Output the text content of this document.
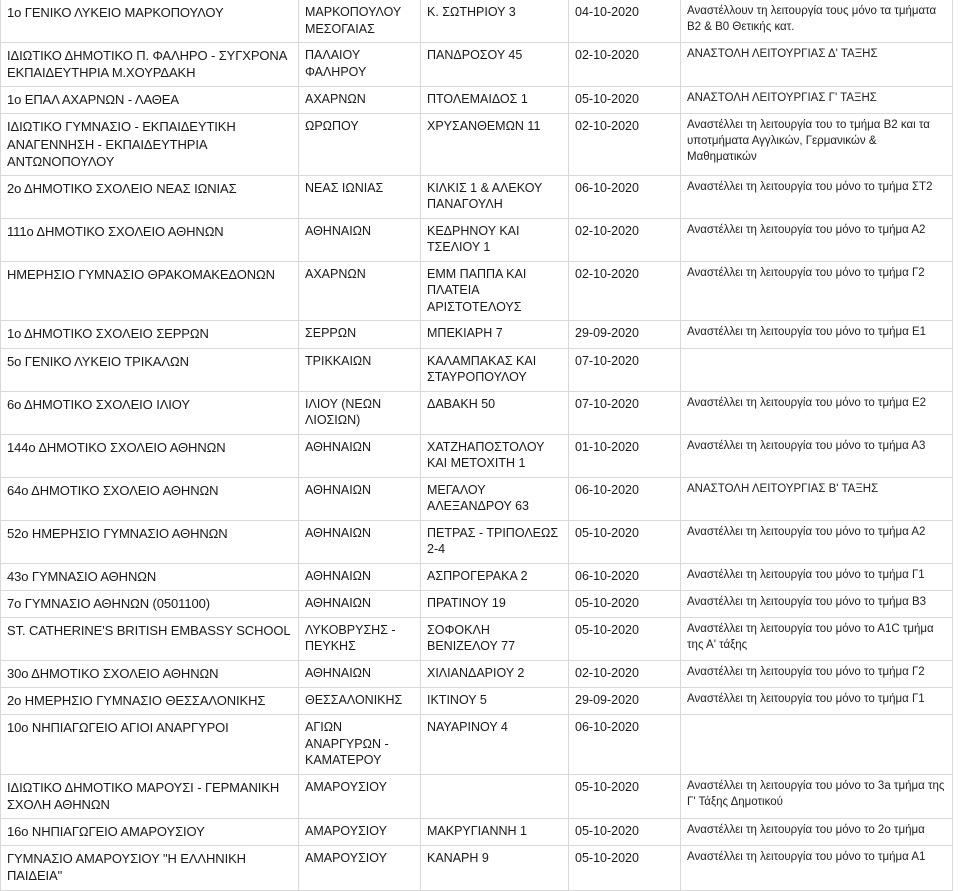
1ο ΓΕΝΙΚΟ ΛΥΚΕΙΟ ΜΑΡΚΟΠΟΥΛΟΥ	ΜΑΡΚΟΠΟΥΛΟΥ ΜΕΣΟΓΑΙΑΣ	Κ. ΣΩΤΗΡΙΟΥ 3	04-10-2020	Αναστέλλουν τη λειτουργία τους μόνο τα τμήματα Β2 & Β0 Θετικής κατ.
ΙΔΙΩΤΙΚΟ ΔΗΜΟΤΙΚΟ Π. ΦΑΛΗΡΟ - ΣΥΓΧΡΟΝΑ ΕΚΠΑΙΔΕΥΤΗΡΙΑ Μ.ΧΟΥΡΔΑΚΗ	ΠΑΛΑΙΟΥ ΦΑΛΗΡΟΥ	ΠΑΝΔΡΟΣΟΥ 45	02-10-2020	ΑΝΑΣΤΟΛΗ ΛΕΙΤΟΥΡΓΙΑΣ Δ' ΤΑΞΗΣ
1ο ΕΠΑΛ ΑΧΑΡΝΩΝ - ΛΑΘΕΑ	ΑΧΑΡΝΩΝ	ΠΤΟΛΕΜΑΙΔΟΣ 1	05-10-2020	ΑΝΑΣΤΟΛΗ ΛΕΙΤΟΥΡΓΙΑΣ Γ' ΤΑΞΗΣ
ΙΔΙΩΤΙΚΟ ΓΥΜΝΑΣΙΟ - ΕΚΠΑΙΔΕΥΤΙΚΗ ΑΝΑΓΕΝΝΗΣΗ - ΕΚΠΑΙΔΕΥΤΗΡΙΑ ΑΝΤΩΝΟΠΟΥΛΟΥ	ΩΡΩΠΟΥ	ΧΡΥΣΑΝΘΕΜΩΝ 11	02-10-2020	Αναστέλλει τη λειτουργία του το τμήμα Β2 και τα υποτμήματα Αγγλικών, Γερμανικών & Μαθηματικών
2ο ΔΗΜΟΤΙΚΟ ΣΧΟΛΕΙΟ ΝΕΑΣ ΙΩΝΙΑΣ	ΝΕΑΣ ΙΩΝΙΑΣ	ΚΙΛΚΙΣ 1 & ΑΛΕΚΟΥ ΠΑΝΑΓΟΥΛΗ	06-10-2020	Αναστέλλει τη λειτουργία του μόνο το τμήμα ΣΤ2
111ο ΔΗΜΟΤΙΚΟ ΣΧΟΛΕΙΟ ΑΘΗΝΩΝ	ΑΘΗΝΑΙΩΝ	ΚΕΔΡΗΝΟΥ ΚΑΙ ΤΣΕΛΙΟΥ 1	02-10-2020	Αναστέλλει τη λειτουργία του μόνο το τμήμα Α2
ΗΜΕΡΗΣΙΟ ΓΥΜΝΑΣΙΟ ΘΡΑΚΟΜΑΚΕΔΟΝΩΝ	ΑΧΑΡΝΩΝ	ΕΜΜ ΠΑΠΠΑ ΚΑΙ ΠΛΑΤΕΙΑ ΑΡΙΣΤΟΤΕΛΟΥΣ	02-10-2020	Αναστέλλει τη λειτουργία του μόνο το τμήμα Γ2
1ο ΔΗΜΟΤΙΚΟ ΣΧΟΛΕΙΟ ΣΕΡΡΩΝ	ΣΕΡΡΩΝ	ΜΠΕΚΙΑΡΗ 7	29-09-2020	Αναστέλλει τη λειτουργία του μόνο το τμήμα Ε1
5ο ΓΕΝΙΚΟ ΛΥΚΕΙΟ ΤΡΙΚΑΛΩΝ	ΤΡΙΚΚΑΙΩΝ	ΚΑΛΑΜΠΑΚΑΣ ΚΑΙ ΣΤΑΥΡΟΠΟΥΛΟΥ	07-10-2020	
6ο ΔΗΜΟΤΙΚΟ ΣΧΟΛΕΙΟ ΙΛΙΟΥ	ΙΛΙΟΥ (ΝΕΩΝ ΛΙΟΣΙΩΝ)	ΔΑΒΑΚΗ 50	07-10-2020	Αναστέλλει τη λειτουργία του μόνο το τμήμα Ε2
144ο ΔΗΜΟΤΙΚΟ ΣΧΟΛΕΙΟ ΑΘΗΝΩΝ	ΑΘΗΝΑΙΩΝ	ΧΑΤΖΗΑΠΟΣΤΟΛΟΥ ΚΑΙ ΜΕΤΟΧΙΤΗ 1	01-10-2020	Αναστέλλει τη λειτουργία του μόνο το τμήμα Α3
64ο ΔΗΜΟΤΙΚΟ ΣΧΟΛΕΙΟ ΑΘΗΝΩΝ	ΑΘΗΝΑΙΩΝ	ΜΕΓΑΛΟΥ ΑΛΕΞΑΝΔΡΟΥ 63	06-10-2020	ΑΝΑΣΤΟΛΗ ΛΕΙΤΟΥΡΓΙΑΣ Β' ΤΑΞΗΣ
52ο ΗΜΕΡΗΣΙΟ ΓΥΜΝΑΣΙΟ ΑΘΗΝΩΝ	ΑΘΗΝΑΙΩΝ	ΠΕΤΡΑΣ - ΤΡΙΠΟΛΕΩΣ 2-4	05-10-2020	Αναστέλλει τη λειτουργία του μόνο το τμήμα Α2
43ο ΓΥΜΝΑΣΙΟ ΑΘΗΝΩΝ	ΑΘΗΝΑΙΩΝ	ΑΣΠΡΟΓΕΡΑΚΑ 2	06-10-2020	Αναστέλλει τη λειτουργία του μόνο το τμήμα Γ1
7ο ΓΥΜΝΑΣΙΟ ΑΘΗΝΩΝ (0501100)	ΑΘΗΝΑΙΩΝ	ΠΡΑΤΙΝΟΥ 19	05-10-2020	Αναστέλλει τη λειτουργία του μόνο το τμήμα Β3
ST. CATHERINE'S BRITISH EMBASSY SCHOOL	ΛΥΚΟΒΡΥΣΗΣ - ΠΕΥΚΗΣ	ΣΟΦΟΚΛΗ ΒΕΝΙΖΕΛΟΥ 77	05-10-2020	Αναστέλλει τη λειτουργία του μόνο το Α1C τμήμα της Α' τάξης
30ο ΔΗΜΟΤΙΚΟ ΣΧΟΛΕΙΟ ΑΘΗΝΩΝ	ΑΘΗΝΑΙΩΝ	ΧΙΛΙΑΝΔΑΡΙΟΥ 2	02-10-2020	Αναστέλλει τη λειτουργία του μόνο το τμήμα Γ2
2ο ΗΜΕΡΗΣΙΟ ΓΥΜΝΑΣΙΟ ΘΕΣΣΑΛΟΝΙΚΗΣ	ΘΕΣΣΑΛΟΝΙΚΗΣ	ΙΚΤΙΝΟΥ 5	29-09-2020	Αναστέλλει τη λειτουργία του μόνο το τμήμα Γ1
10ο ΝΗΠΙΑΓΩΓΕΙΟ ΑΓΙΟΙ ΑΝΑΡΓΥΡΟΙ	ΑΓΙΩΝ ΑΝΑΡΓΥΡΩΝ - ΚΑΜΑΤΕΡΟΥ	ΝΑΥΑΡΙΝΟΥ 4	06-10-2020	
ΙΔΙΩΤΙΚΟ ΔΗΜΟΤΙΚΟ ΜΑΡΟΥΣΙ - ΓΕΡΜΑΝΙΚΗ ΣΧΟΛΗ ΑΘΗΝΩΝ	ΑΜΑΡΟΥΣΙΟΥ		05-10-2020	Αναστέλλει τη λειτουργία του μόνο το 3a τμήμα της Γ' Τάξης Δημοτικού
16ο ΝΗΠΙΑΓΩΓΕΙΟ ΑΜΑΡΟΥΣΙΟΥ	ΑΜΑΡΟΥΣΙΟΥ	ΜΑΚΡΥΓΙΑΝΝΗ 1	05-10-2020	Αναστέλλει τη λειτουργία του μόνο το 2ο τμήμα
ΓΥΜΝΑΣΙΟ ΑΜΑΡΟΥΣΙΟΥ "Η ΕΛΛΗΝΙΚΗ ΠΑΙΔΕΙΑ"	ΑΜΑΡΟΥΣΙΟΥ	ΚΑΝΑΡΗ 9	05-10-2020	Αναστέλλει τη λειτουργία του μόνο το τμήμα Α1
